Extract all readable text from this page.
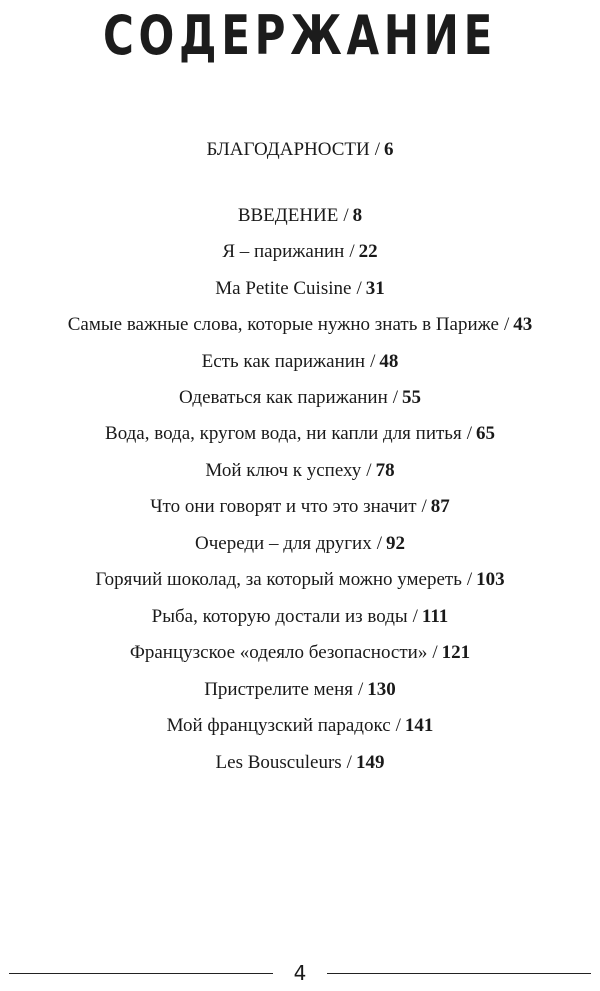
СОДЕРЖАНИЕ
БЛАГОДАРНОСТИ / 6
ВВЕДЕНИЕ / 8
Я – парижанин / 22
Ma Petite Cuisine / 31
Самые важные слова, которые нужно знать в Париже / 43
Есть как парижанин / 48
Одеваться как парижанин / 55
Вода, вода, кругом вода, ни капли для питья / 65
Мой ключ к успеху / 78
Что они говорят и что это значит / 87
Очереди – для других / 92
Горячий шоколад, за который можно умереть / 103
Рыба, которую достали из воды / 111
Французское «одеяло безопасности» / 121
Пристрелите меня / 130
Мой французский парадокс / 141
Les Bousculeurs / 149
4
